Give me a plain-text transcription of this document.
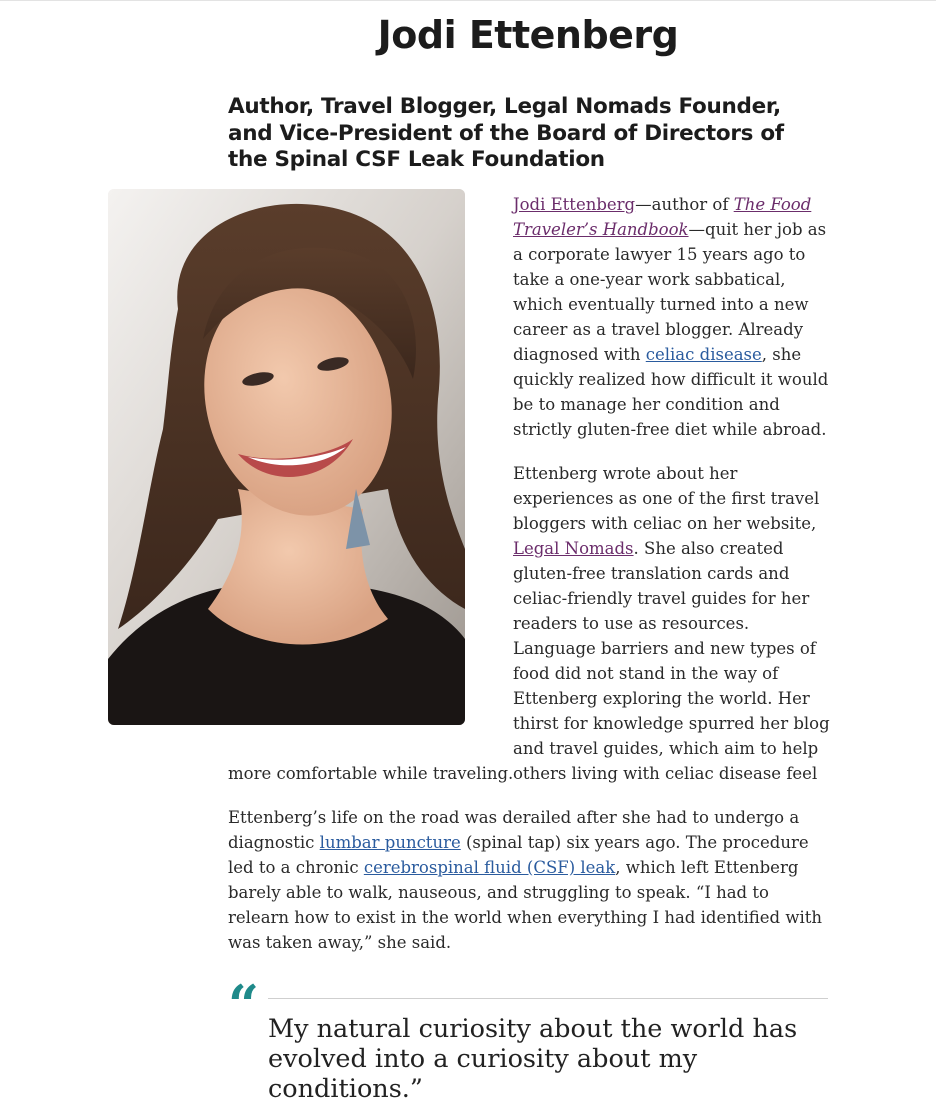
Jodi Ettenberg
Author, Travel Blogger, Legal Nomads Founder, and Vice-President of the Board of Directors of the Spinal CSF Leak Foundation

Jodi Ettenberg—author of The Food Traveler’s Handbook—quit her job as a corporate lawyer 15 years ago to take a one-year work sabbatical, which eventually turned into a new career as a travel blogger. Already diagnosed with celiac disease, she quickly realized how difficult it would be to manage her condition and strictly gluten-free diet while abroad.

Ettenberg wrote about her experiences as one of the first travel bloggers with celiac on her website, Legal Nomads. She also created gluten-free translation cards and celiac-friendly travel guides for her readers to use as resources. Language barriers and new types of food did not stand in the way of Ettenberg exploring the world. Her thirst for knowledge spurred her blog and travel guides, which aim to help others living with celiac disease feel

more comfortable while traveling.

Ettenberg’s life on the road was derailed after she had to undergo a diagnostic lumbar puncture (spinal tap) six years ago. The procedure led to a chronic cerebrospinal fluid (CSF) leak, which left Ettenberg barely able to walk, nauseous, and struggling to speak. “I had to relearn how to exist in the world when everything I had identified with was taken away,” she said.

“ My natural curiosity about the world has evolved into a curiosity about my conditions.”
